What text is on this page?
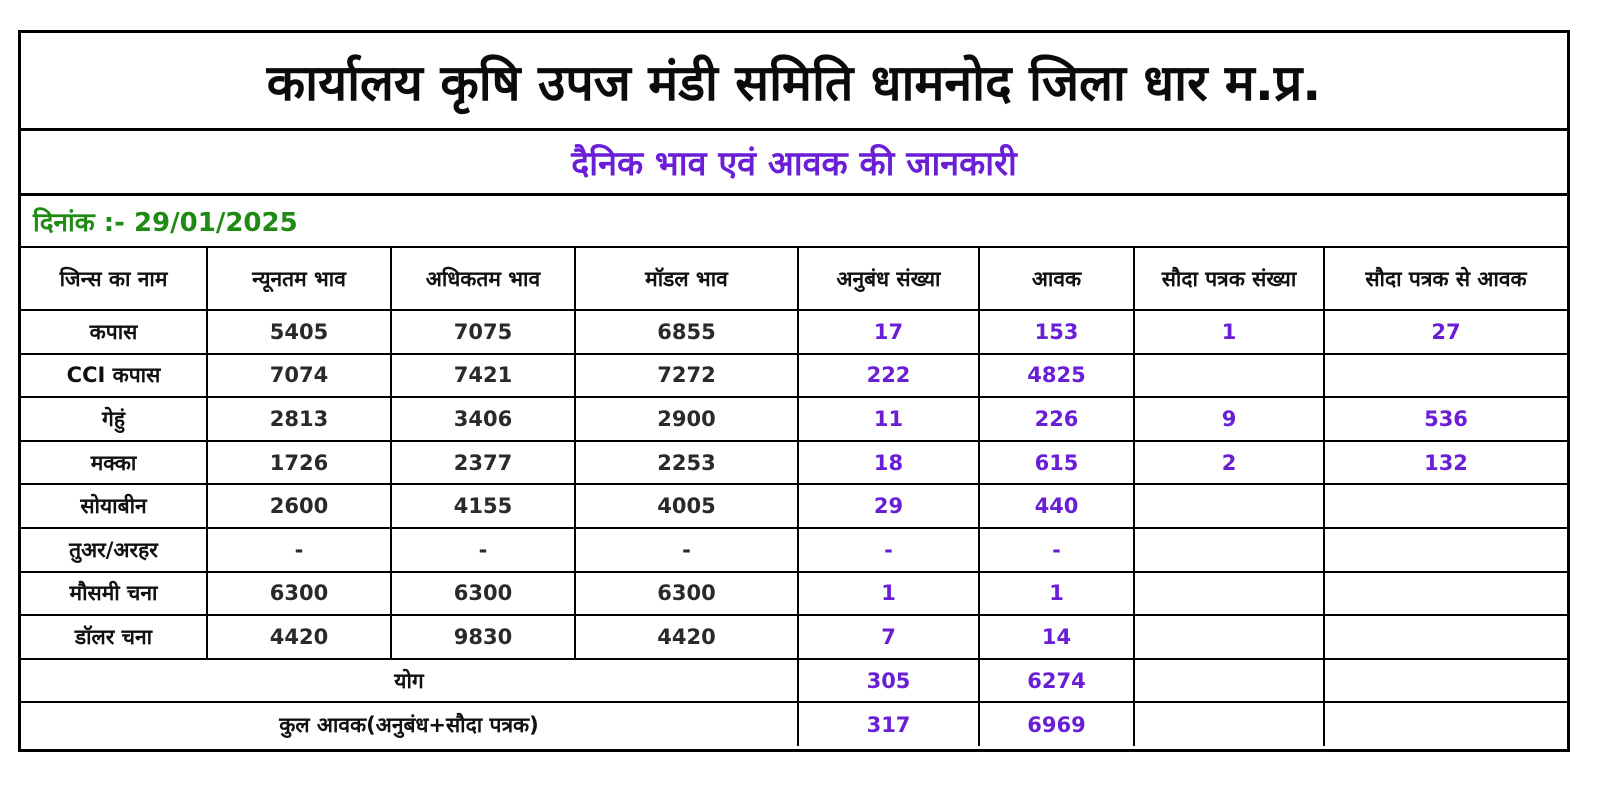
कार्यालय कृषि उपज मंडी समिति धामनोद जिला धार म.प्र.
दैनिक भाव एवं आवक की जानकारी
दिनांक :- 29/01/2025
जिन्स का नाम	न्यूनतम भाव	अधिकतम भाव	मॉडल भाव	अनुबंध संख्या	आवक	सौदा पत्रक संख्या	सौदा पत्रक से आवक
कपास	5405	7075	6855	17	153	1	27
CCI कपास	7074	7421	7272	222	4825		
गेहुं	2813	3406	2900	11	226	9	536
मक्का	1726	2377	2253	18	615	2	132
सोयाबीन	2600	4155	4005	29	440		
तुअर/अरहर	-	-	-	-	-		
मौसमी चना	6300	6300	6300	1	1		
डॉलर चना	4420	9830	4420	7	14		
योग				305	6274		
कुल आवक(अनुबंध+सौदा पत्रक)				317	6969		
